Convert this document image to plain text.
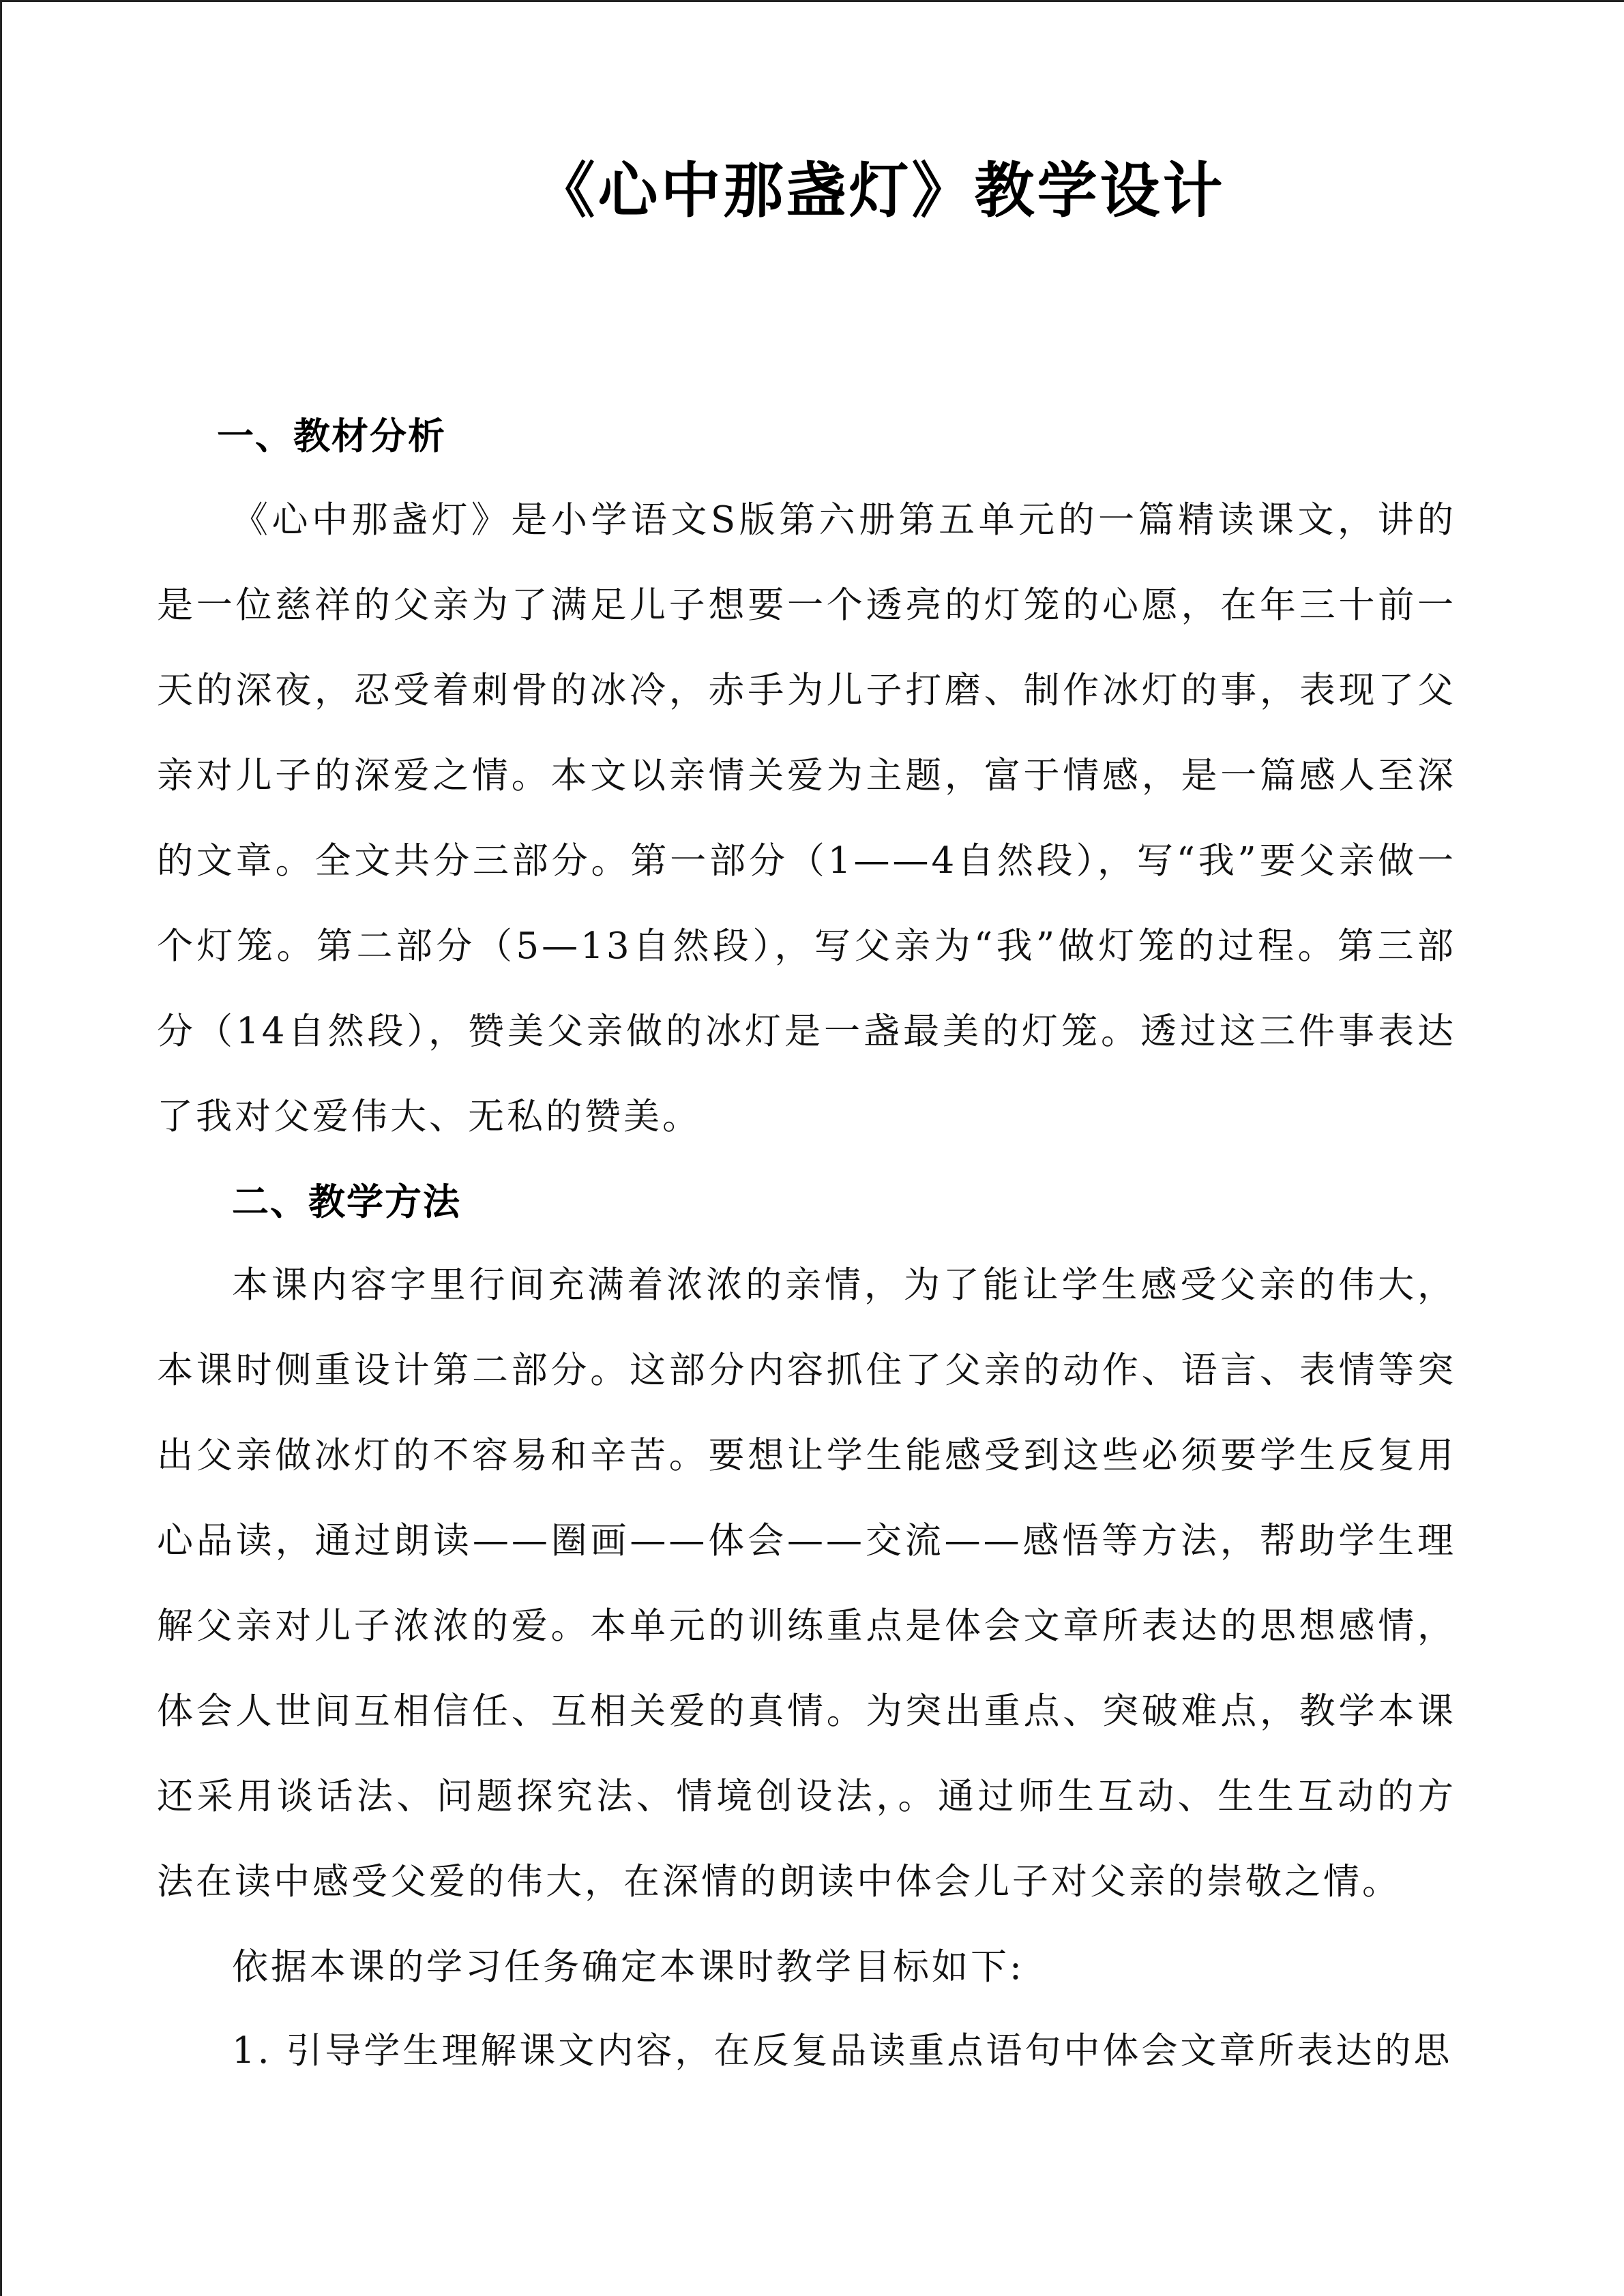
《心中那盏灯》教学设计
一、教材分析

《心中那盏灯》是小学语文S版第六册第五单元的一篇精读课文，讲的是一位慈祥的父亲为了满足儿子想要一个透亮的灯笼的心愿，在年三十前一天的深夜，忍受着刺骨的冰冷，赤手为儿子打磨、制作冰灯的事，表现了父亲对儿子的深爱之情。本文以亲情关爱为主题，富于情感，是一篇感人至深的文章。全文共分三部分。第一部分（1——4自然段），写“我”要父亲做一个灯笼。第二部分（5—13自然段），写父亲为“我”做灯笼的过程。第三部分（14自然段），赞美父亲做的冰灯是一盏最美的灯笼。透过这三件事表达了我对父爱伟大、无私的赞美。

二、教学方法

本课内容字里行间充满着浓浓的亲情，为了能让学生感受父亲的伟大，本课时侧重设计第二部分。这部分内容抓住了父亲的动作、语言、表情等突出父亲做冰灯的不容易和辛苦。要想让学生能感受到这些必须要学生反复用心品读，通过朗读——圈画——体会——交流——感悟等方法，帮助学生理解父亲对儿子浓浓的爱。本单元的训练重点是体会文章所表达的思想感情，体会人世间互相信任、互相关爱的真情。为突出重点、突破难点，教学本课还采用谈话法、问题探究法、情境创设法，。通过师生互动、生生互动的方法在读中感受父爱的伟大，在深情的朗读中体会儿子对父亲的崇敬之情。

依据本课的学习任务确定本课时教学目标如下:

1. 引导学生理解课文内容，在反复品读重点语句中体会文章所表达的思
